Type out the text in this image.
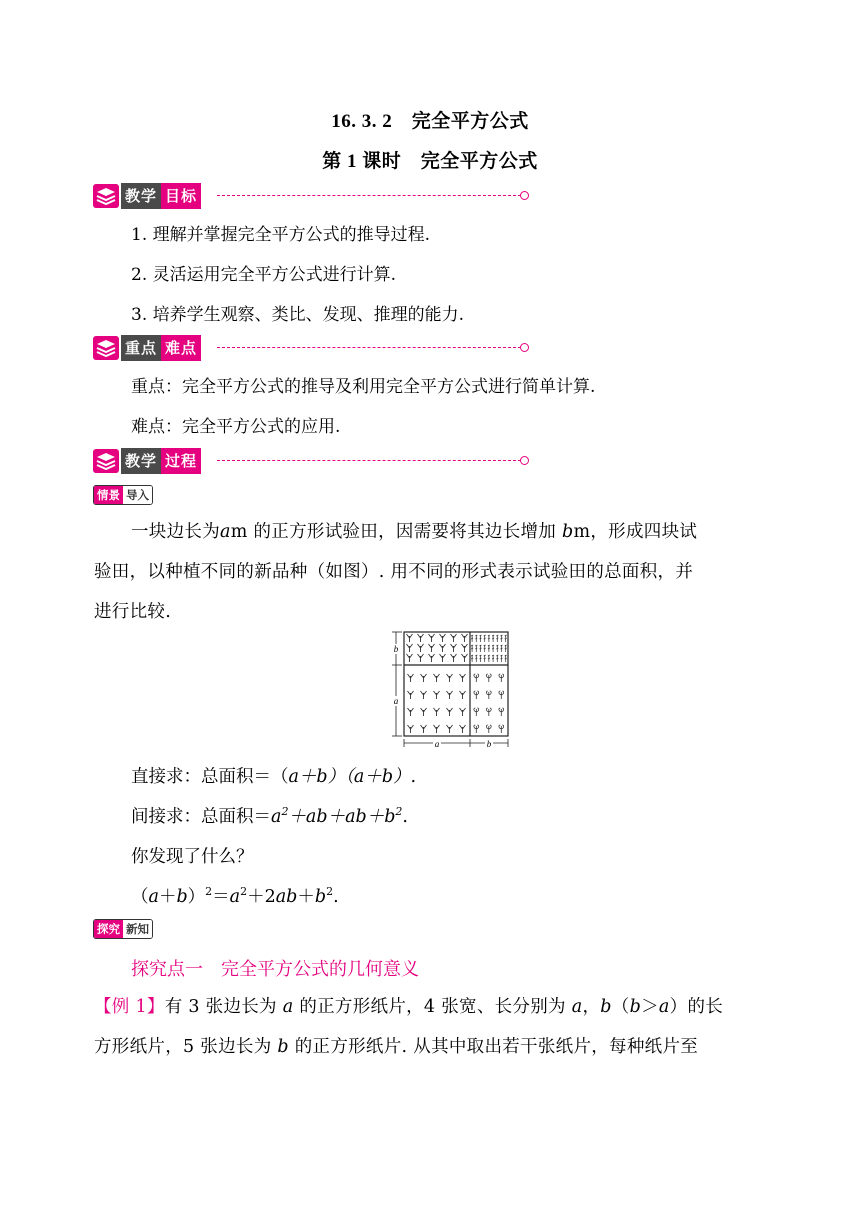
16. 3. 2　完全平方公式
第 1 课时　完全平方公式
教学 目标
1. 理解并掌握完全平方公式的推导过程.
2. 灵活运用完全平方公式进行计算.
3. 培养学生观察、类比、发现、推理的能力.
重点 难点
重点：完全平方公式的推导及利用完全平方公式进行简单计算.
难点：完全平方公式的应用.
教学 过程
情景 导入
一块边长为am 的正方形试验田，因需要将其边长增加 bm，形成四块试
验田，以种植不同的新品种（如图）. 用不同的形式表示试验田的总面积，并
进行比较.
b
a
a	b
直接求：总面积＝（a＋b）（a＋b）.
间接求：总面积$=a^2+ab+ab+b^2$.
你发现了什么？
$(a+b)^2=a^2+2ab+b^2$.
探究 新知
探究点一　完全平方公式的几何意义
【例 1】有 3 张边长为 a 的正方形纸片，4 张宽、长分别为 a，b（b＞a）的长
方形纸片，5 张边长为 b 的正方形纸片. 从其中取出若干张纸片，每种纸片至
